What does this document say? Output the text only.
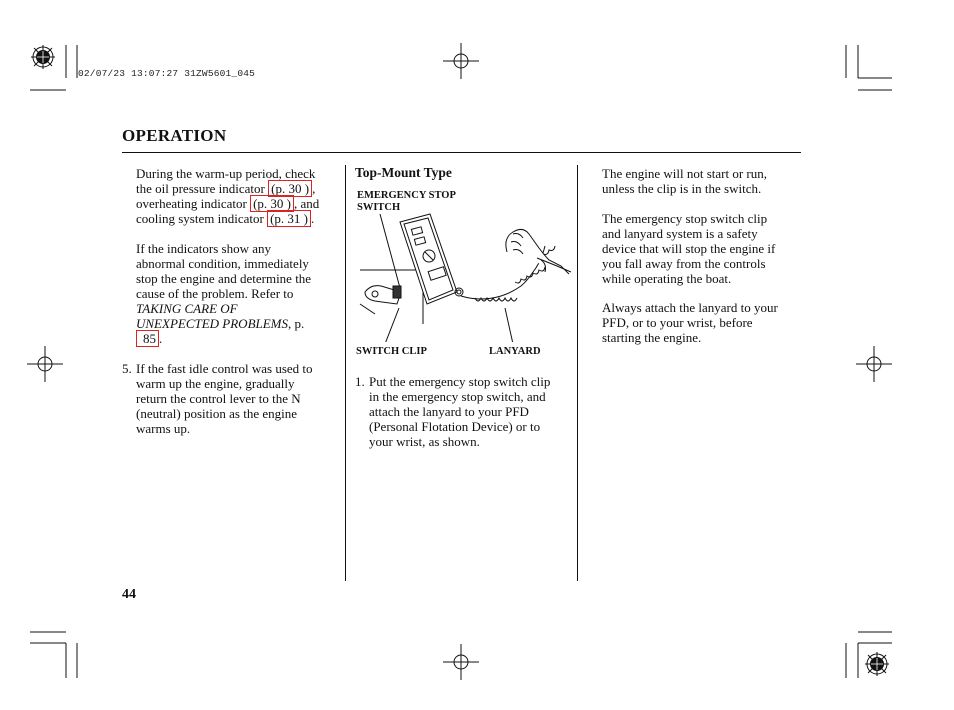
02/07/23 13:07:27 31ZW5601_045
OPERATION

During the warm-up period, check

the oil pressure indicator (p. 30 ) ,

overheating indicator (p. 30 ) , and

cooling system indicator (p. 31 ) .

If the indicators show any

abnormal condition, immediately

stop the engine and determine the

cause of the problem. Refer to

TAKING CARE OF

UNEXPECTED PROBLEMS, p.

85 .

5. If the fast idle control was used to

warm up the engine, gradually

return the control lever to the N

(neutral) position as the engine

warms up.

Top-Mount Type
EMERGENCY STOP
SWITCH
SWITCH CLIP	LANYARD
1. Put the emergency stop switch clip

in the emergency stop switch, and

attach the lanyard to your PFD

(Personal Flotation Device) or to

your wrist, as shown.

The engine will not start or run,

unless the clip is in the switch.

The emergency stop switch clip

and lanyard system is a safety

device that will stop the engine if

you fall away from the controls

while operating the boat.

Always attach the lanyard to your

PFD, or to your wrist, before

starting the engine.

44
